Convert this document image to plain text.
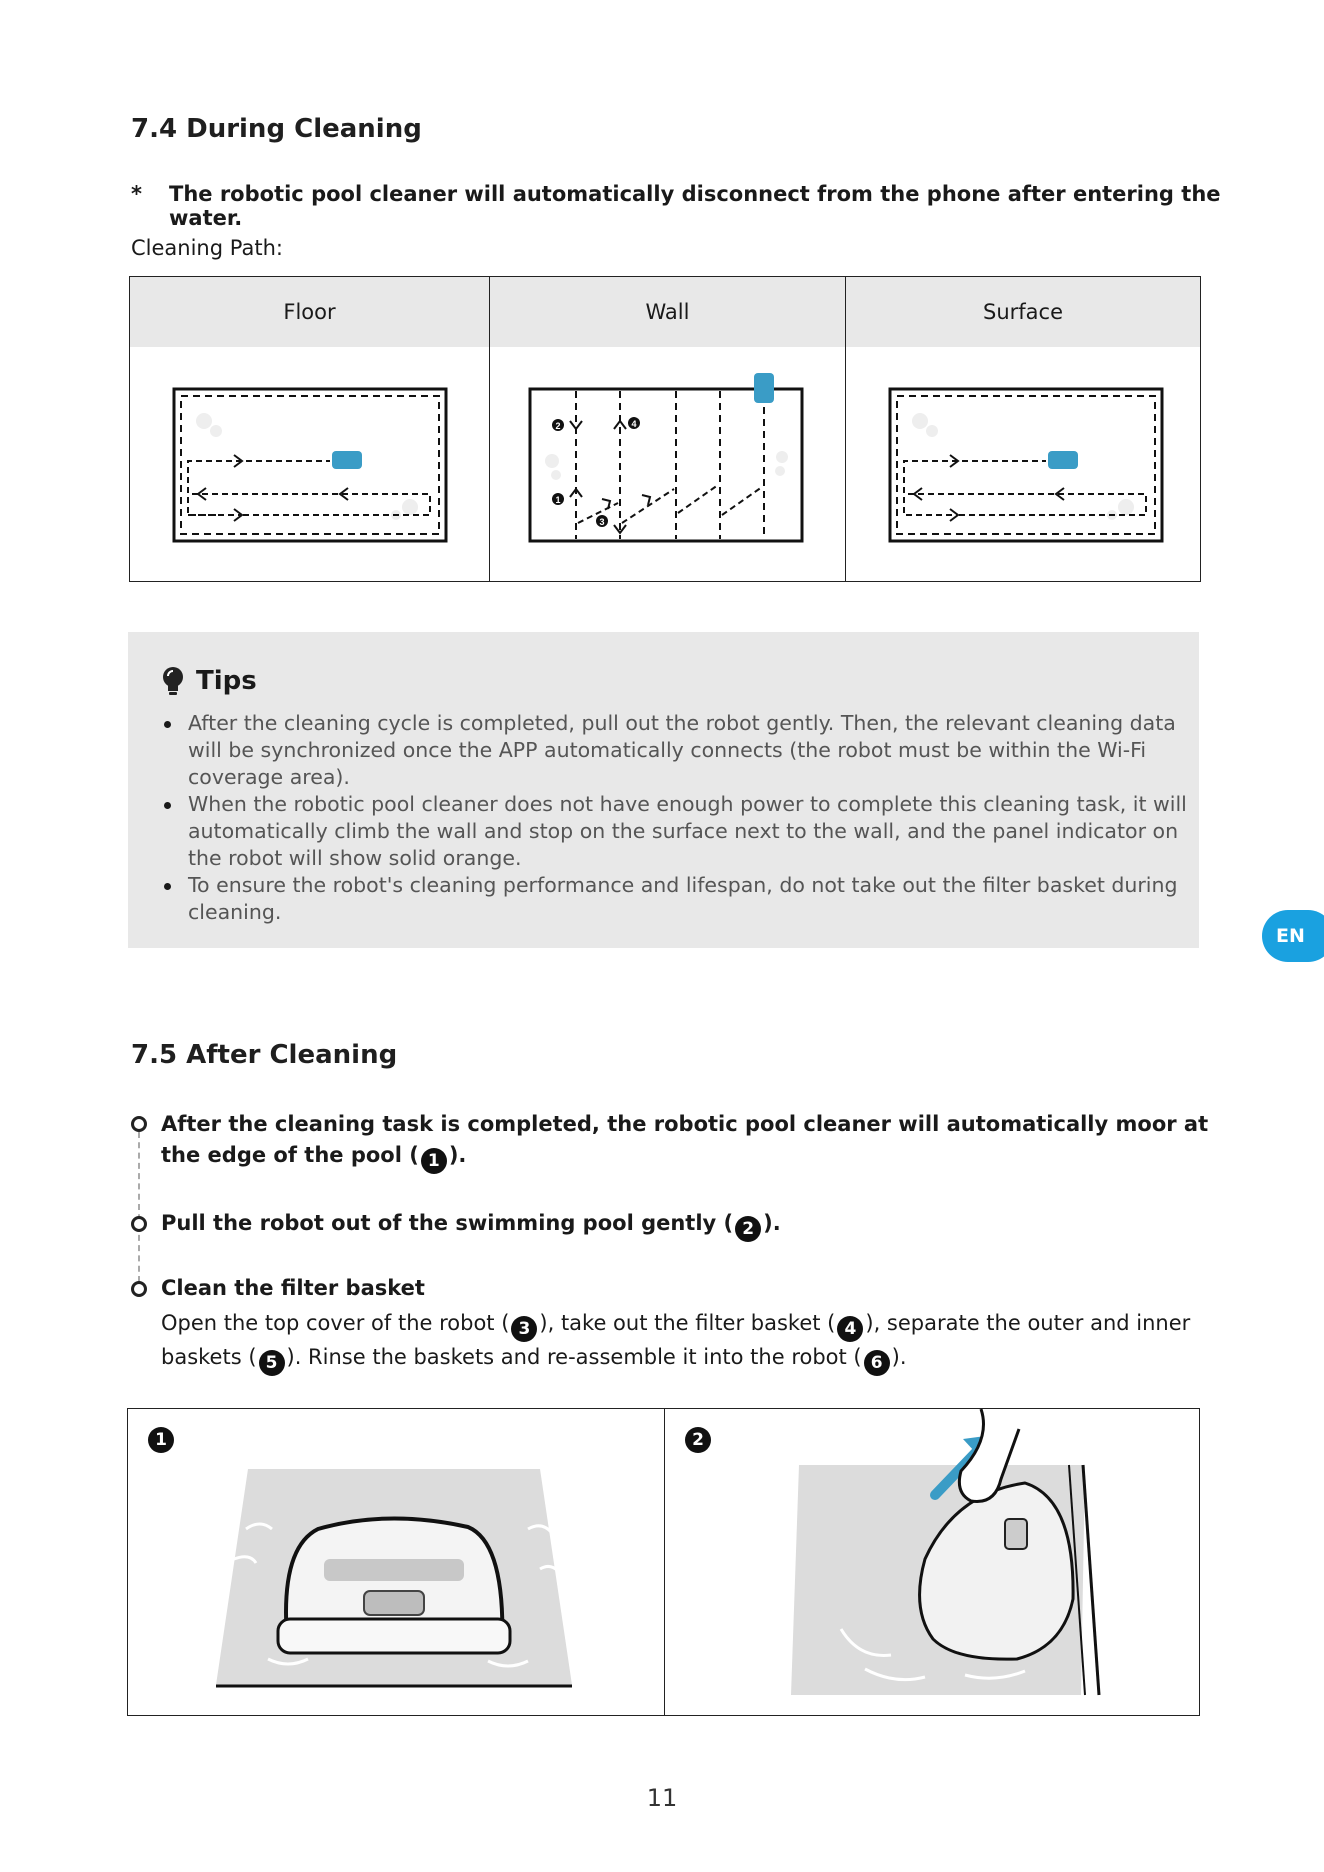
7.4 During Cleaning
* The robotic pool cleaner will automatically disconnect from the phone after entering the water.
Cleaning Path:
Floor	Wall
2	4
1
3
Surface
Tips
After the cleaning cycle is completed, pull out the robot gently. Then, the relevant cleaning data will be synchronized once the APP automatically connects (the robot must be within the Wi-Fi coverage area).
When the robotic pool cleaner does not have enough power to complete this cleaning task, it will automatically climb the wall and stop on the surface next to the wall, and the panel indicator on the robot will show solid orange.
To ensure the robot's cleaning performance and lifespan, do not take out the filter basket during cleaning.
EN
7.5 After Cleaning
After the cleaning task is completed, the robotic pool cleaner will automatically moor at the edge of the pool ( 1 ).
Pull the robot out of the swimming pool gently ( 2 ).
Clean the filter basket
Open the top cover of the robot ( 3 ), take out the filter basket ( 4 ), separate the outer and inner baskets ( 5 ). Rinse the baskets and re-assemble it into the robot ( 6 ).
1	2
11
